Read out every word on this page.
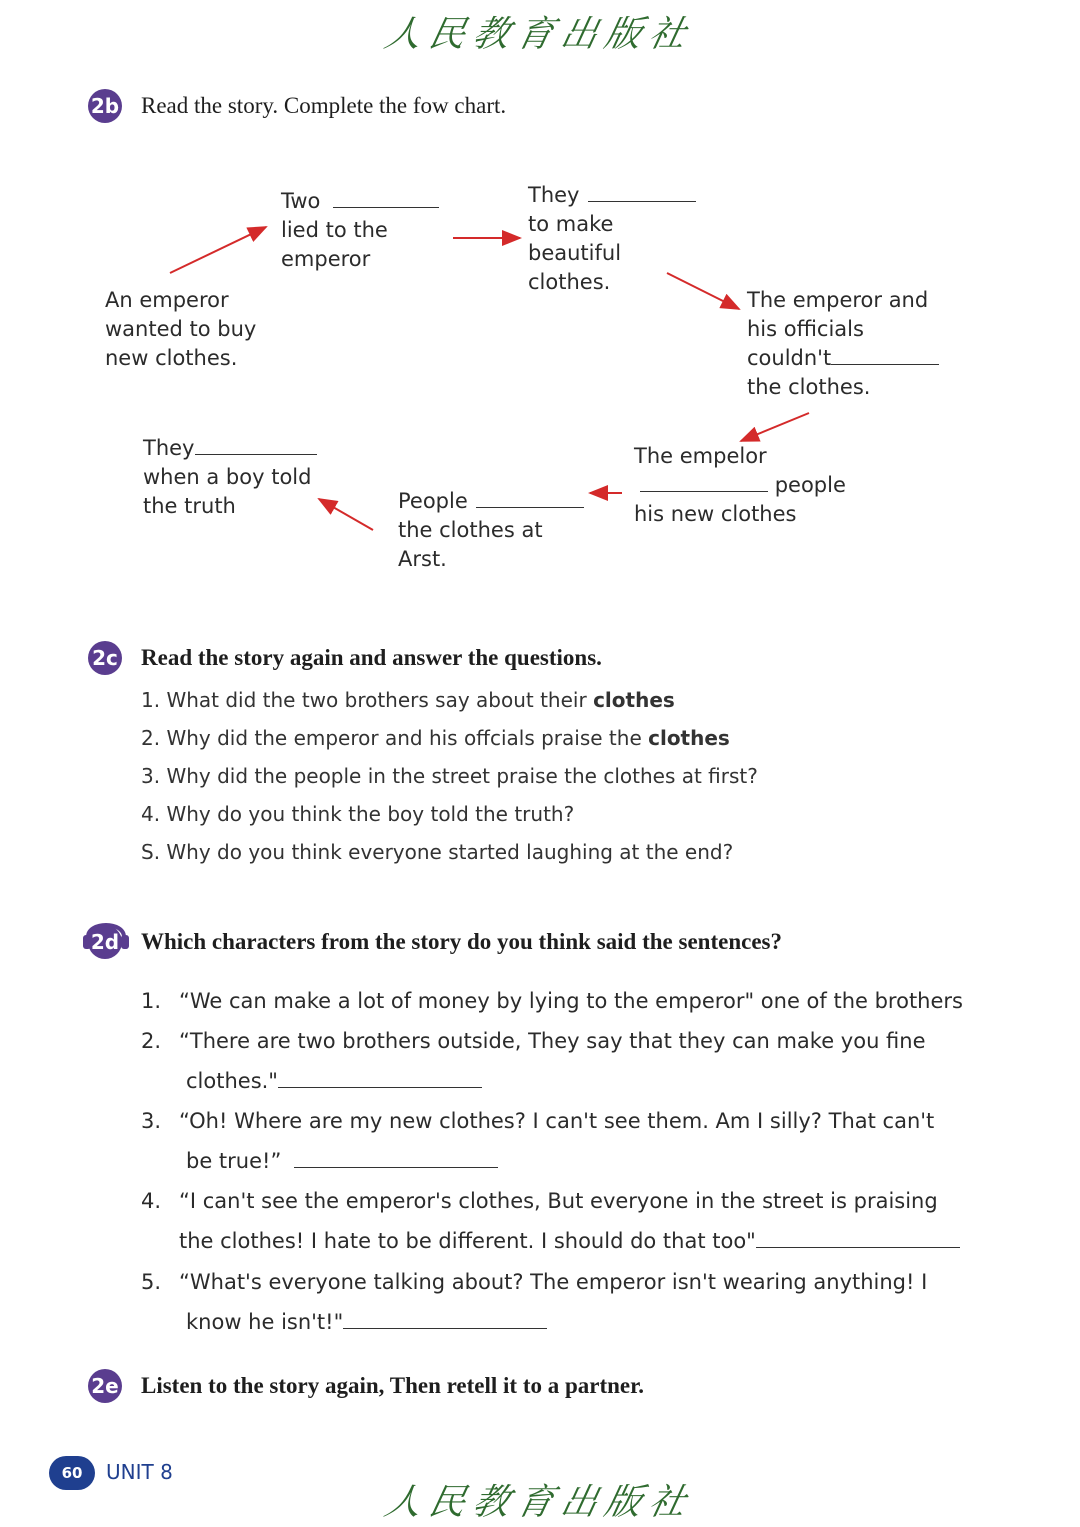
人民教育出版社
2b Read the story. Complete the fow chart.
An emperor
wanted to buy
new clothes.
Two
lied to the
emperor
They
to make
beautiful
clothes.
The emperor and
his officials
couldn't
the clothes.
The empelor
people
his new clothes
People
the clothes at
Arst.
They
when a boy told
the truth
2c Read the story again and answer the questions.
1. What did the two brothers say about their clothes
2. Why did the emperor and his offcials praise the clothes
3. Why did the people in the street praise the clothes at first?
4. Why do you think the boy told the truth?
S. Why do you think everyone started laughing at the end?
2d Which characters from the story do you think said the sentences?
1. “We can make a lot of money by lying to the emperor" one of the brothers
2. “There are two brothers outside, They say that they can make you fine
clothes."
3. “Oh! Where are my new clothes? I can't see them. Am I silly? That can't
be true!”
4. “I can't see the emperor's clothes, But everyone in the street is praising
the clothes! I hate to be different. I should do that too"
5. “What's everyone talking about? The emperor isn't wearing anything! I
know he isn't!"
2e Listen to the story again, Then retell it to a partner.
60	UNIT 8
人民教育出版社
